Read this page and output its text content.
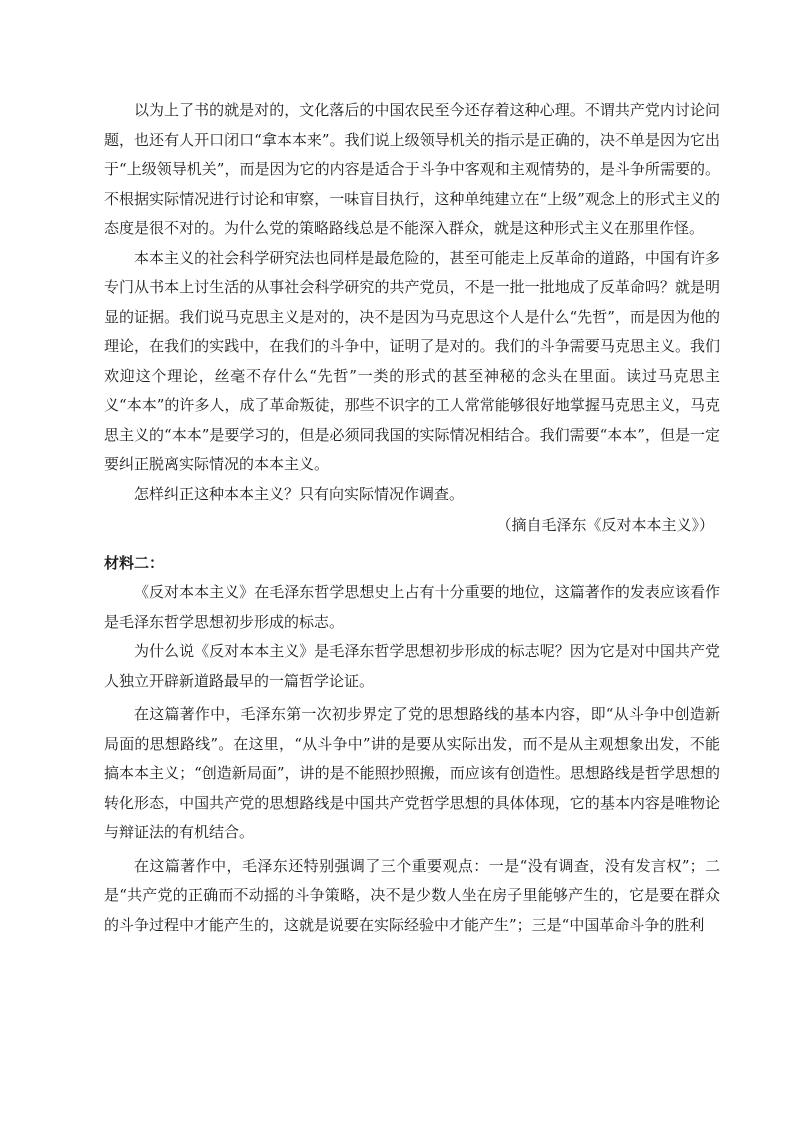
以为上了书的就是对的，文化落后的中国农民至今还存着这种心理。不谓共产党内讨论问题，也还有人开口闭口“拿本本来”。我们说上级领导机关的指示是正确的，决不单是因为它出于“上级领导机关”，而是因为它的内容是适合于斗争中客观和主观情势的，是斗争所需要的。不根据实际情况进行讨论和审察，一味盲目执行，这种单纯建立在“上级”观念上的形式主义的态度是很不对的。为什么党的策略路线总是不能深入群众，就是这种形式主义在那里作怪。

本本主义的社会科学研究法也同样是最危险的，甚至可能走上反革命的道路，中国有许多专门从书本上讨生活的从事社会科学研究的共产党员，不是一批一批地成了反革命吗？就是明显的证据。我们说马克思主义是对的，决不是因为马克思这个人是什么“先哲”，而是因为他的理论，在我们的实践中，在我们的斗争中，证明了是对的。我们的斗争需要马克思主义。我们欢迎这个理论，丝毫不存什么“先哲”一类的形式的甚至神秘的念头在里面。读过马克思主义“本本”的许多人，成了革命叛徒，那些不识字的工人常常能够很好地掌握马克思主义，马克思主义的“本本”是要学习的，但是必须同我国的实际情况相结合。我们需要“本本”，但是一定要纠正脱离实际情况的本本主义。

怎样纠正这种本本主义？只有向实际情况作调查。

（摘自毛泽东《反对本本主义》）

材料二：

《反对本本主义》在毛泽东哲学思想史上占有十分重要的地位，这篇著作的发表应该看作是毛泽东哲学思想初步形成的标志。

为什么说《反对本本主义》是毛泽东哲学思想初步形成的标志呢？因为它是对中国共产党人独立开辟新道路最早的一篇哲学论证。

在这篇著作中，毛泽东第一次初步界定了党的思想路线的基本内容，即“从斗争中创造新局面的思想路线”。在这里，“从斗争中”讲的是要从实际出发，而不是从主观想象出发，不能搞本本主义；“创造新局面”，讲的是不能照抄照搬，而应该有创造性。思想路线是哲学思想的转化形态，中国共产党的思想路线是中国共产党哲学思想的具体体现，它的基本内容是唯物论与辩证法的有机结合。

在这篇著作中，毛泽东还特别强调了三个重要观点：一是“没有调查，没有发言权”；二是“共产党的正确而不动摇的斗争策略，决不是少数人坐在房子里能够产生的，它是要在群众的斗争过程中才能产生的，这就是说要在实际经验中才能产生”；三是“中国革命斗争的胜利
